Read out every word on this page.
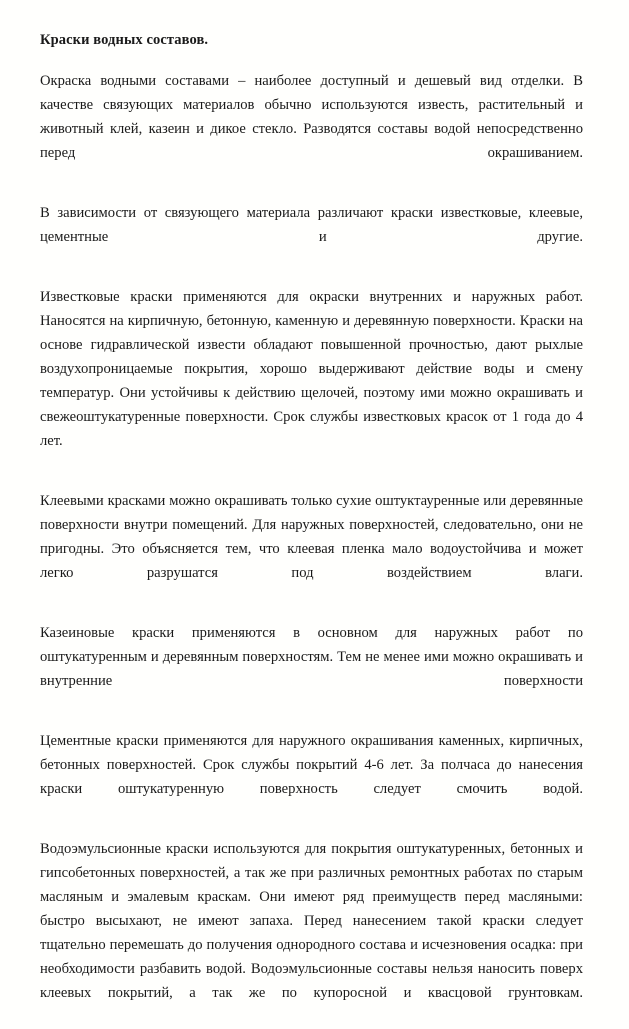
Краски водных составов.

Окраска водными составами – наиболее доступный и дешевый вид отделки. В качестве связующих материалов обычно используются известь, растительный и животный клей, казеин и дикое стекло. Разводятся составы водой непосредственно перед окрашиванием.

В зависимости от связующего материала различают краски известковые, клеевые, цементные и другие.

Известковые краски применяются для окраски внутренних и наружных работ. Наносятся на кирпичную, бетонную, каменную и деревянную поверхности. Краски на основе гидравлической извести обладают повышенной прочностью, дают рыхлые воздухопроницаемые покрытия, хорошо выдерживают действие воды и смену температур. Они устойчивы к действию щелочей, поэтому ими можно окрашивать и свежеоштукатуренные поверхности. Срок службы известковых красок от 1 года до 4 лет.

Клеевыми красками можно окрашивать только сухие оштуктауренные или деревянные поверхности внутри помещений. Для наружных поверхностей, следовательно, они не пригодны. Это объясняется тем, что клеевая пленка мало водоустойчива и может легко разрушатся под воздействием влаги.

Казеиновые краски применяются в основном для наружных работ по оштукатуренным и деревянным поверхностям. Тем не менее ими можно окрашивать и внутренние поверхности

Цементные краски применяются для наружного окрашивания каменных, кирпичных, бетонных поверхностей. Срок службы покрытий 4-6 лет. За полчаса до нанесения краски оштукатуренную поверхность следует смочить водой.

Водоэмульсионные краски используются для покрытия оштукатуренных, бетонных и гипсобетонных поверхностей, а так же при различных ремонтных работах по старым масляным и эмалевым краскам. Они имеют ряд преимуществ перед масляными: быстро высыхают, не имеют запаха. Перед нанесением такой краски следует тщательно перемешать до получения однородного состава и исчезновения осадка: при необходимости разбавить водой. Водоэмульсионные составы нельзя наносить поверх клеевых покрытий, а так же по купоросной и квасцовой грунтовкам.
